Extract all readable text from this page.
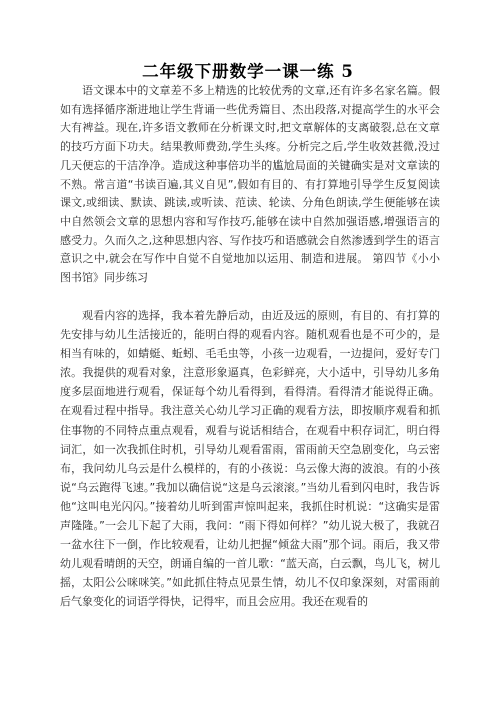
二年级下册数学一课一练 5

语文课本中的文章差不多上精选的比较优秀的文章,还有许多名家名篇。假如有选择循序渐进地让学生背诵一些优秀篇目、杰出段落,对提高学生的水平会大有裨益。现在,许多语文教师在分析课文时,把文章解体的支离破裂,总在文章的技巧方面下功夫。结果教师费劲,学生头疼。分析完之后,学生收效甚微,没过几天便忘的干洁净净。造成这种事倍功半的尴尬局面的关键确实是对文章读的不熟。常言道“书读百遍,其义自见”,假如有目的、有打算地引导学生反复阅读课文,或细读、默读、跳读,或听读、范读、轮读、分角色朗读,学生便能够在读中自然领会文章的思想内容和写作技巧,能够在读中自然加强语感,增强语言的感受力。久而久之,这种思想内容、写作技巧和语感就会自然渗透到学生的语言意识之中,就会在写作中自觉不自觉地加以运用、制造和进展。 第四节《小小图书馆》同步练习

观看内容的选择，我本着先静后动，由近及远的原则，有目的、有打算的先安排与幼儿生活接近的，能明白得的观看内容。随机观看也是不可少的，是相当有味的，如蜻蜓、蚯蚓、毛毛虫等，小孩一边观看，一边提问，爱好专门浓。我提供的观看对象，注意形象逼真，色彩鲜亮，大小适中，引导幼儿多角度多层面地进行观看，保证每个幼儿看得到，看得清。看得清才能说得正确。在观看过程中指导。我注意关心幼儿学习正确的观看方法，即按顺序观看和抓住事物的不同特点重点观看，观看与说话相结合，在观看中积存词汇，明白得词汇，如一次我抓住时机，引导幼儿观看雷雨，雷雨前天空急剧变化，乌云密布，我问幼儿乌云是什么模样的，有的小孩说：乌云像大海的波浪。有的小孩说“乌云跑得飞速。”我加以确信说“这是乌云滚滚。”当幼儿看到闪电时，我告诉他“这叫电光闪闪。”接着幼儿听到雷声惊叫起来，我抓住时机说：“这确实是雷声隆隆。”一会儿下起了大雨，我问：“雨下得如何样？”幼儿说大极了，我就召一盆水往下一倒，作比较观看，让幼儿把握“倾盆大雨”那个词。雨后，我又带幼儿观看晴朗的天空，朗诵自编的一首儿歌：“蓝天高，白云飘，鸟儿飞，树儿摇，太阳公公咪咪笑。”如此抓住特点见景生情，幼儿不仅印象深刻，对雷雨前后气象变化的词语学得快，记得牢，而且会应用。我还在观看的
